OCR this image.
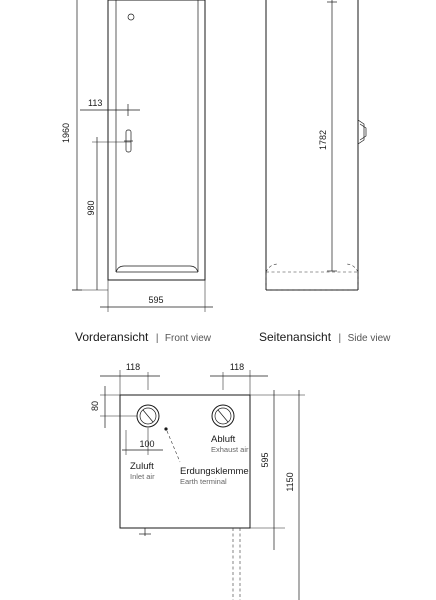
1960
980
113
595
Vorderansicht | Front view
1782
Seitenansicht | Side view
118	118
80
100
Zuluft
Inlet air
Abluft
Exhaust air
Erdungsklemme
Earth terminal
595
1150
